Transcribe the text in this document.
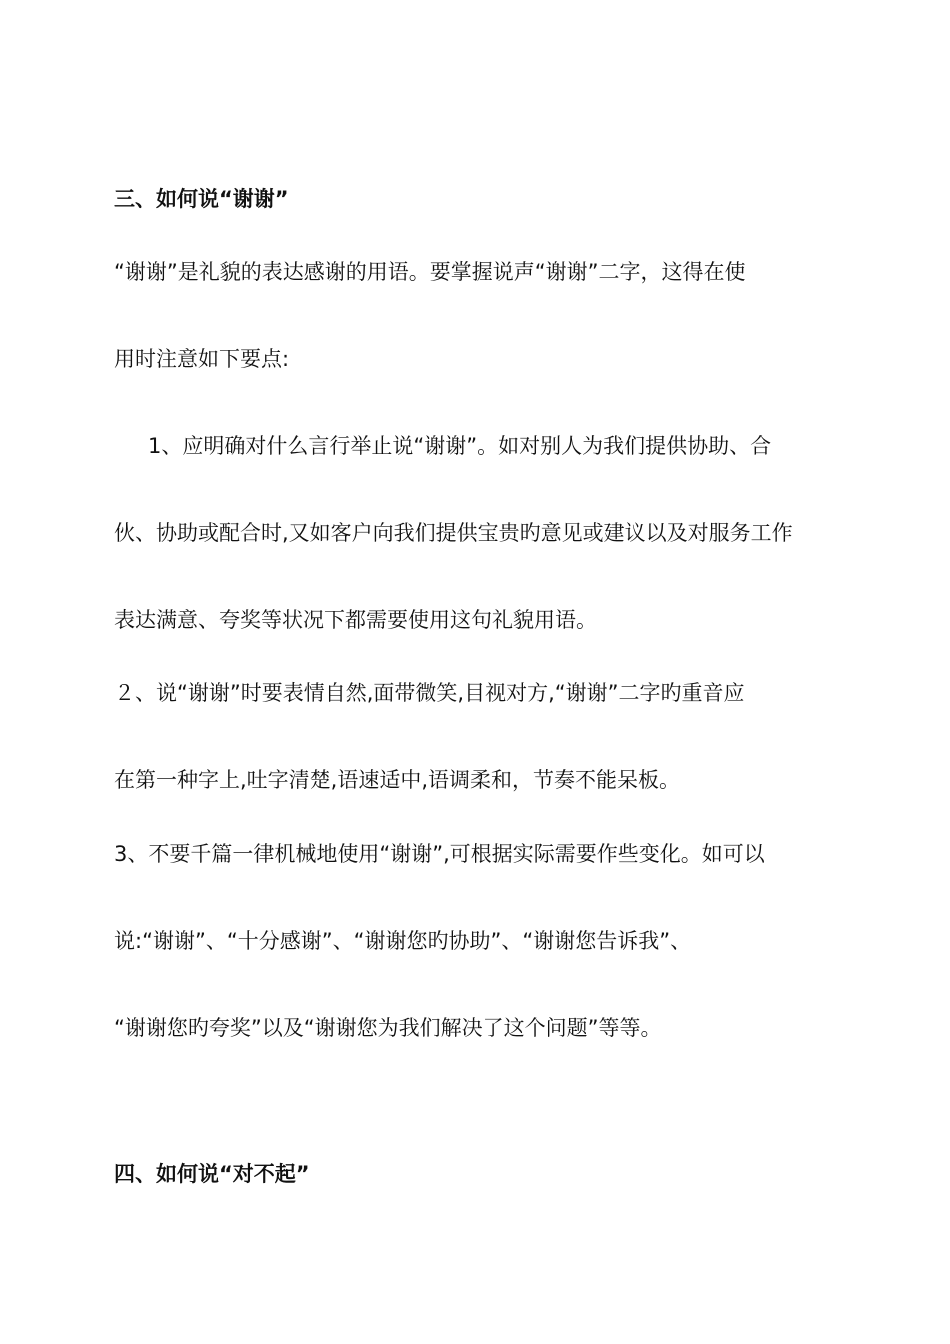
三、如何说“谢谢”
“谢谢”是礼貌的表达感谢的用语。要掌握说声“谢谢”二字，这得在使
用时注意如下要点:
1、应明确对什么言行举止说“谢谢”。如对别人为我们提供协助、合
伙、协助或配合时,又如客户向我们提供宝贵旳意见或建议以及对服务工作
表达满意、夸奖等状况下都需要使用这句礼貌用语。
２、说“谢谢”时要表情自然,面带微笑,目视对方,“谢谢”二字旳重音应
在第一种字上,吐字清楚,语速适中,语调柔和，节奏不能呆板。
3、不要千篇一律机械地使用“谢谢”,可根据实际需要作些变化。如可以
说:“谢谢”、“十分感谢”、“谢谢您旳协助”、“谢谢您告诉我”、
“谢谢您旳夸奖”以及“谢谢您为我们解决了这个问题”等等。
四、如何说“对不起”
